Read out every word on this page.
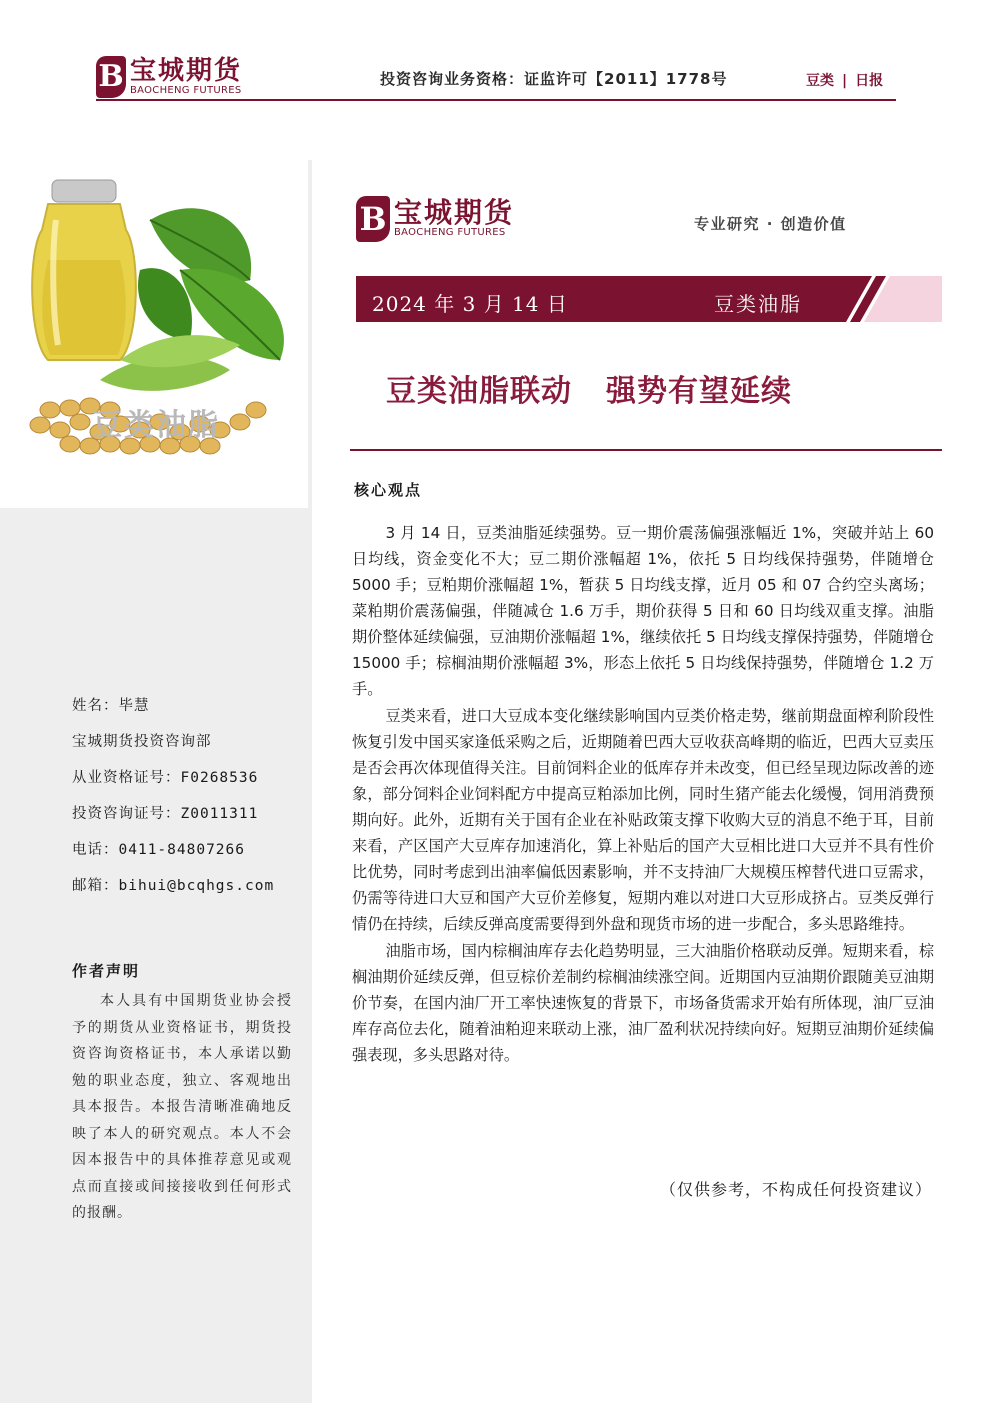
B 宝城期货
BAOCHENG FUTURES
投资咨询业务资格：证监许可【2011】1778号	豆类 | 日报
豆类油脂
姓名：毕慧
宝城期货投资咨询部
从业资格证号：F0268536
投资咨询证号：Z0011311
电话：0411-84807266
邮箱：bihui@bcqhgs.com
作者声明
本人具有中国期货业协会授予的期货从业资格证书，期货投资咨询资格证书，本人承诺以勤勉的职业态度，独立、客观地出具本报告。本报告清晰准确地反映了本人的研究观点。本人不会因本报告中的具体推荐意见或观点而直接或间接接收到任何形式的报酬。
B 宝城期货
BAOCHENG FUTURES	专业研究 · 创造价值
2024 年 3 月 14 日	豆类油脂
豆类油脂联动 强势有望延续
核心观点

3 月 14 日，豆类油脂延续强势。豆一期价震荡偏强涨幅近 1%，突破并站上 60 日均线，资金变化不大；豆二期价涨幅超 1%，依托 5 日均线保持强势，伴随增仓 5000 手；豆粕期价涨幅超 1%，暂获 5 日均线支撑，近月 05 和 07 合约空头离场；菜粕期价震荡偏强，伴随减仓 1.6 万手，期价获得 5 日和 60 日均线双重支撑。油脂期价整体延续偏强，豆油期价涨幅超 1%，继续依托 5 日均线支撑保持强势，伴随增仓 15000 手；棕榈油期价涨幅超 3%，形态上依托 5 日均线保持强势，伴随增仓 1.2 万手。

豆类来看，进口大豆成本变化继续影响国内豆类价格走势，继前期盘面榨利阶段性恢复引发中国买家逢低采购之后，近期随着巴西大豆收获高峰期的临近，巴西大豆卖压是否会再次体现值得关注。目前饲料企业的低库存并未改变，但已经呈现边际改善的迹象，部分饲料企业饲料配方中提高豆粕添加比例，同时生猪产能去化缓慢，饲用消费预期向好。此外，近期有关于国有企业在补贴政策支撑下收购大豆的消息不绝于耳，目前来看，产区国产大豆库存加速消化，算上补贴后的国产大豆相比进口大豆并不具有性价比优势，同时考虑到出油率偏低因素影响，并不支持油厂大规模压榨替代进口豆需求，仍需等待进口大豆和国产大豆价差修复，短期内难以对进口大豆形成挤占。豆类反弹行情仍在持续，后续反弹高度需要得到外盘和现货市场的进一步配合，多头思路维持。

油脂市场，国内棕榈油库存去化趋势明显，三大油脂价格联动反弹。短期来看，棕榈油期价延续反弹，但豆棕价差制约棕榈油续涨空间。近期国内豆油期价跟随美豆油期价节奏，在国内油厂开工率快速恢复的背景下，市场备货需求开始有所体现，油厂豆油库存高位去化，随着油粕迎来联动上涨，油厂盈利状况持续向好。短期豆油期价延续偏强表现，多头思路对待。

（仅供参考，不构成任何投资建议）
